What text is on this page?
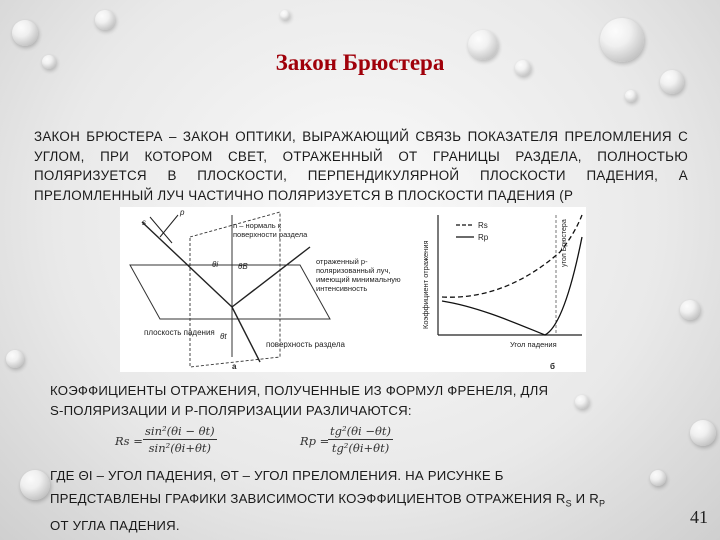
Закон Брюстера
ЗАКОН БРЮСТЕРА – ЗАКОН ОПТИКИ, ВЫРАЖАЮЩИЙ СВЯЗЬ ПОКАЗАТЕЛЯ ПРЕЛОМЛЕНИЯ С УГЛОМ, ПРИ КОТОРОМ СВЕТ, ОТРАЖЕННЫЙ ОТ ГРАНИЦЫ РАЗДЕЛА, ПОЛНОСТЬЮ ПОЛЯРИЗУЕТСЯ В ПЛОСКОСТИ, ПЕРПЕНДИКУЛЯРНОЙ ПЛОСКОСТИ ПАДЕНИЯ, А ПРЕЛОМЛЕННЫЙ ЛУЧ ЧАСТИЧНО ПОЛЯРИЗУЕТСЯ В ПЛОСКОСТИ ПАДЕНИЯ (P
s
p
θi θB
θt
плоскость падения
поверхность раздела
n – нормаль к поверхности раздела
отраженный р-поляризованный луч, имеющий минимальную интенсивность
а
Коэффициент отражения
Угол падения
угол Брюстера
Rs
Rp
б
КОЭФФИЦИЕНТЫ ОТРАЖЕНИЯ, ПОЛУЧЕННЫЕ ИЗ ФОРМУЛ ФРЕНЕЛЯ, ДЛЯ
S-ПОЛЯРИЗАЦИИ И Р-ПОЛЯРИЗАЦИИ РАЗЛИЧАЮТСЯ:
$Rs = \frac{\text{sin²(θi − θt)}}{\text{sin²(θi+θt)}}$	Rp =
$\frac{\text{tg²(θi −θt)}}{\text{tg²(θi+θt)}}$
ГДЕ ΘI – УГОЛ ПАДЕНИЯ, ΘT – УГОЛ ПРЕЛОМЛЕНИЯ. НА РИСУНКЕ Б
ПРЕДСТАВЛЕНЫ ГРАФИКИ ЗАВИСИМОСТИ КОЭФФИЦИЕНТОВ ОТРАЖЕНИЯ $R_S$ И $R_P$
ОТ УГЛА ПАДЕНИЯ.	41
